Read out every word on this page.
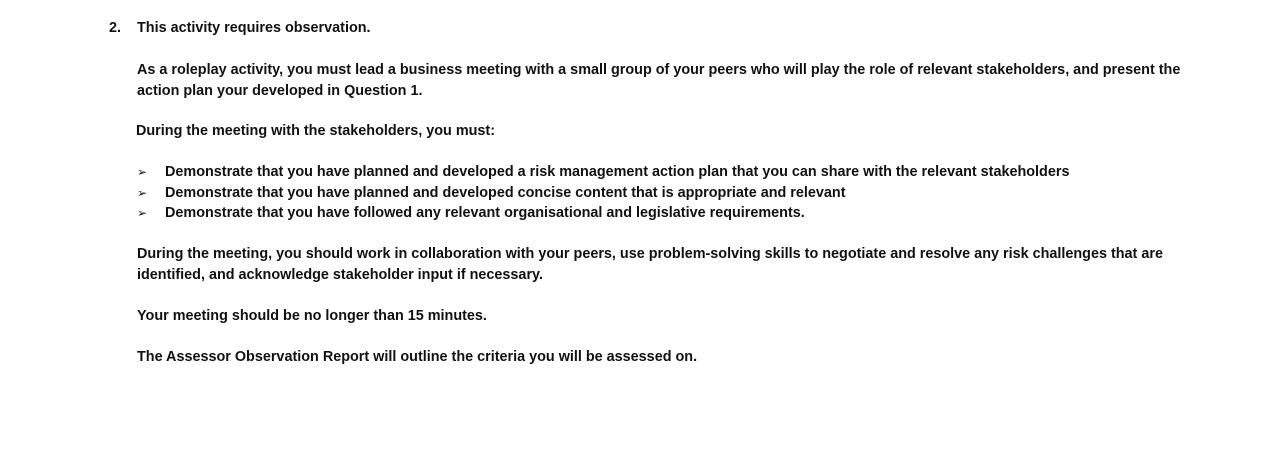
2. This activity requires observation.
As a roleplay activity, you must lead a business meeting with a small group of your peers who will play the role of relevant stakeholders, and present the action plan your developed in Question 1.
During the meeting with the stakeholders, you must:
➢ Demonstrate that you have planned and developed a risk management action plan that you can share with the relevant stakeholders
➢ Demonstrate that you have planned and developed concise content that is appropriate and relevant
➢ Demonstrate that you have followed any relevant organisational and legislative requirements.
During the meeting, you should work in collaboration with your peers, use problem-solving skills to negotiate and resolve any risk challenges that are identified, and acknowledge stakeholder input if necessary.
Your meeting should be no longer than 15 minutes.
The Assessor Observation Report will outline the criteria you will be assessed on.
